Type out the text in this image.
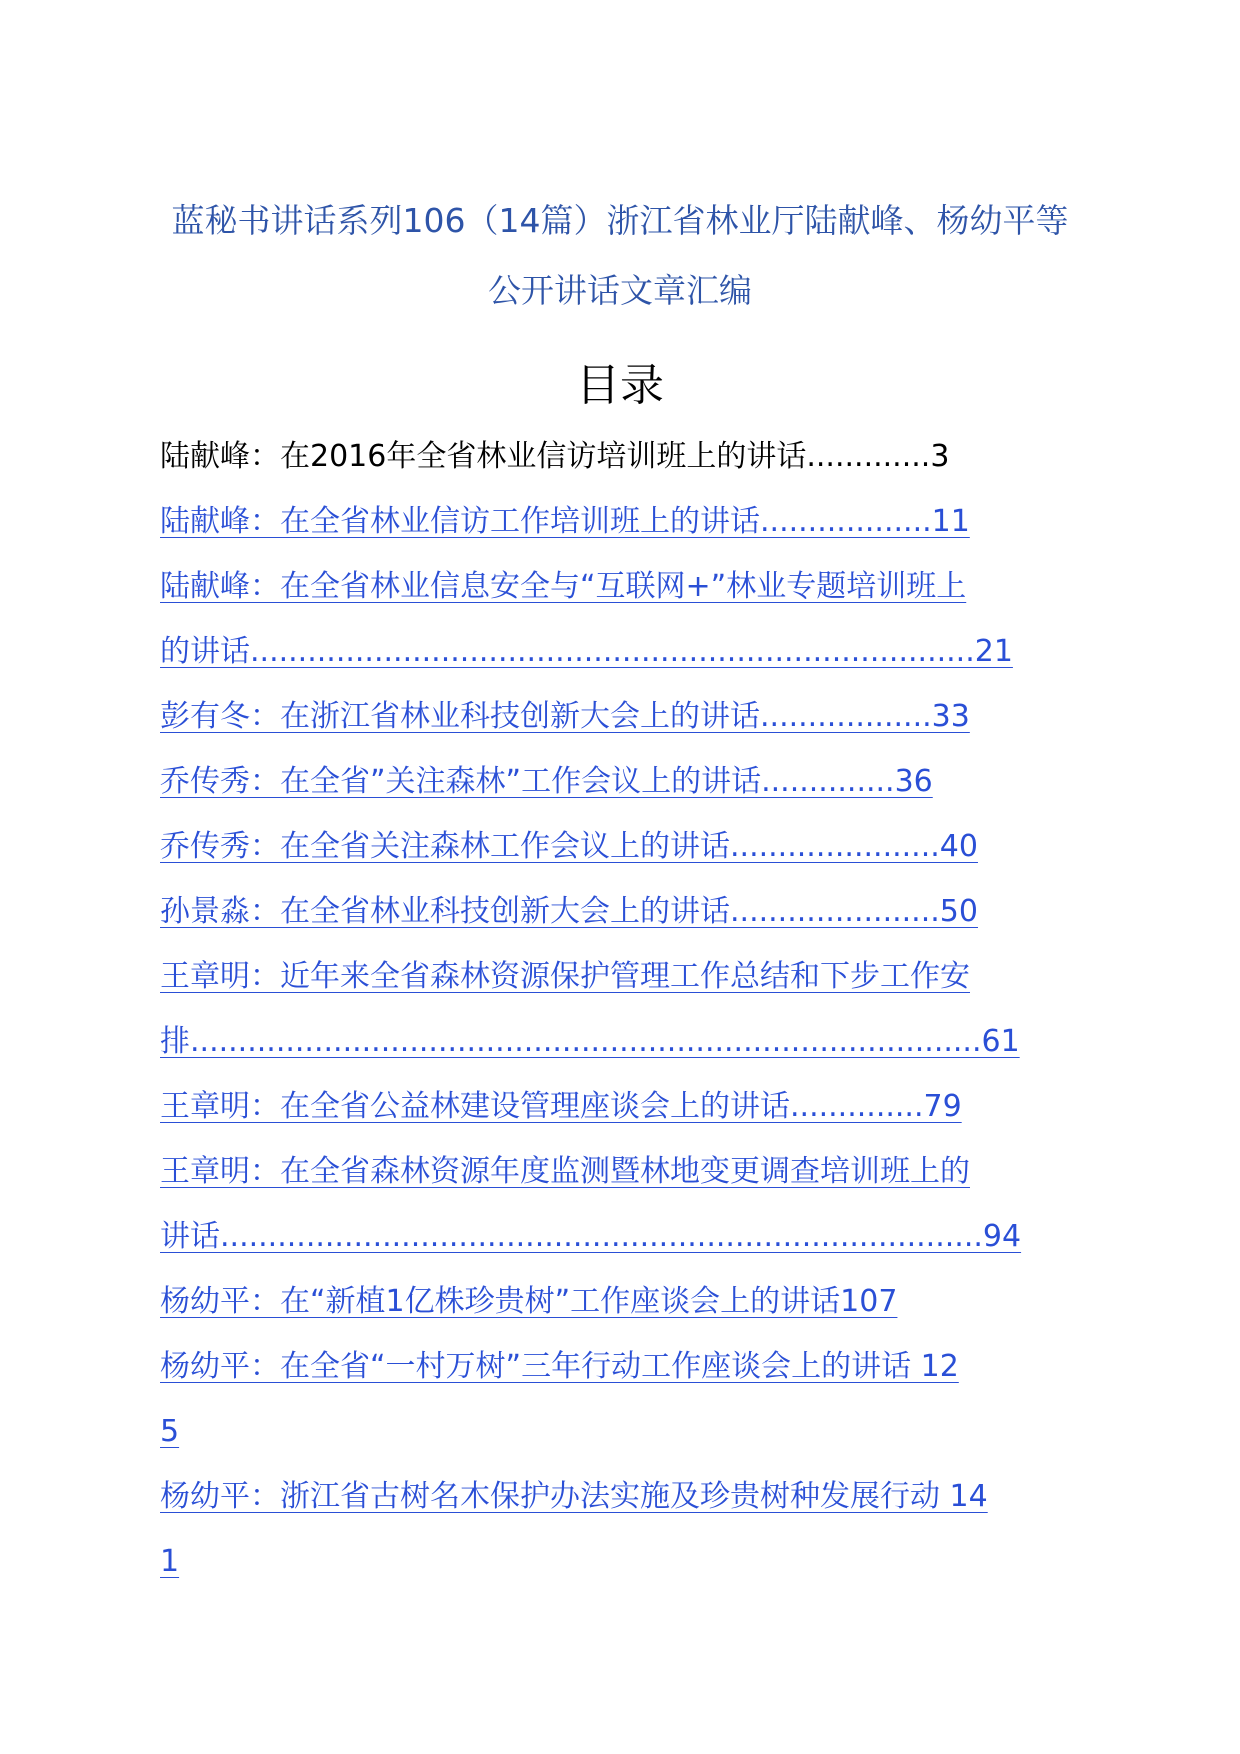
蓝秘书讲话系列106（14篇）浙江省林业厅陆献峰、杨幼平等
公开讲话文章汇编
目录
陆献峰：在2016年全省林业信访培训班上的讲话.............3
陆献峰：在全省林业信访工作培训班上的讲话..................11
陆献峰：在全省林业信息安全与“互联网+”林业专题培训班上
的讲话............................................................................21
彭有冬：在浙江省林业科技创新大会上的讲话..................33
乔传秀：在全省”关注森林”工作会议上的讲话..............36
乔传秀：在全省关注森林工作会议上的讲话......................40
孙景淼：在全省林业科技创新大会上的讲话......................50
王章明：近年来全省森林资源保护管理工作总结和下步工作安
排...................................................................................61
王章明：在全省公益林建设管理座谈会上的讲话..............79
王章明：在全省森林资源年度监测暨林地变更调查培训班上的
讲话................................................................................94
杨幼平：在“新植1亿株珍贵树”工作座谈会上的讲话107
杨幼平：在全省“一村万树”三年行动工作座谈会上的讲话 12
5
杨幼平：浙江省古树名木保护办法实施及珍贵树种发展行动 14
1
